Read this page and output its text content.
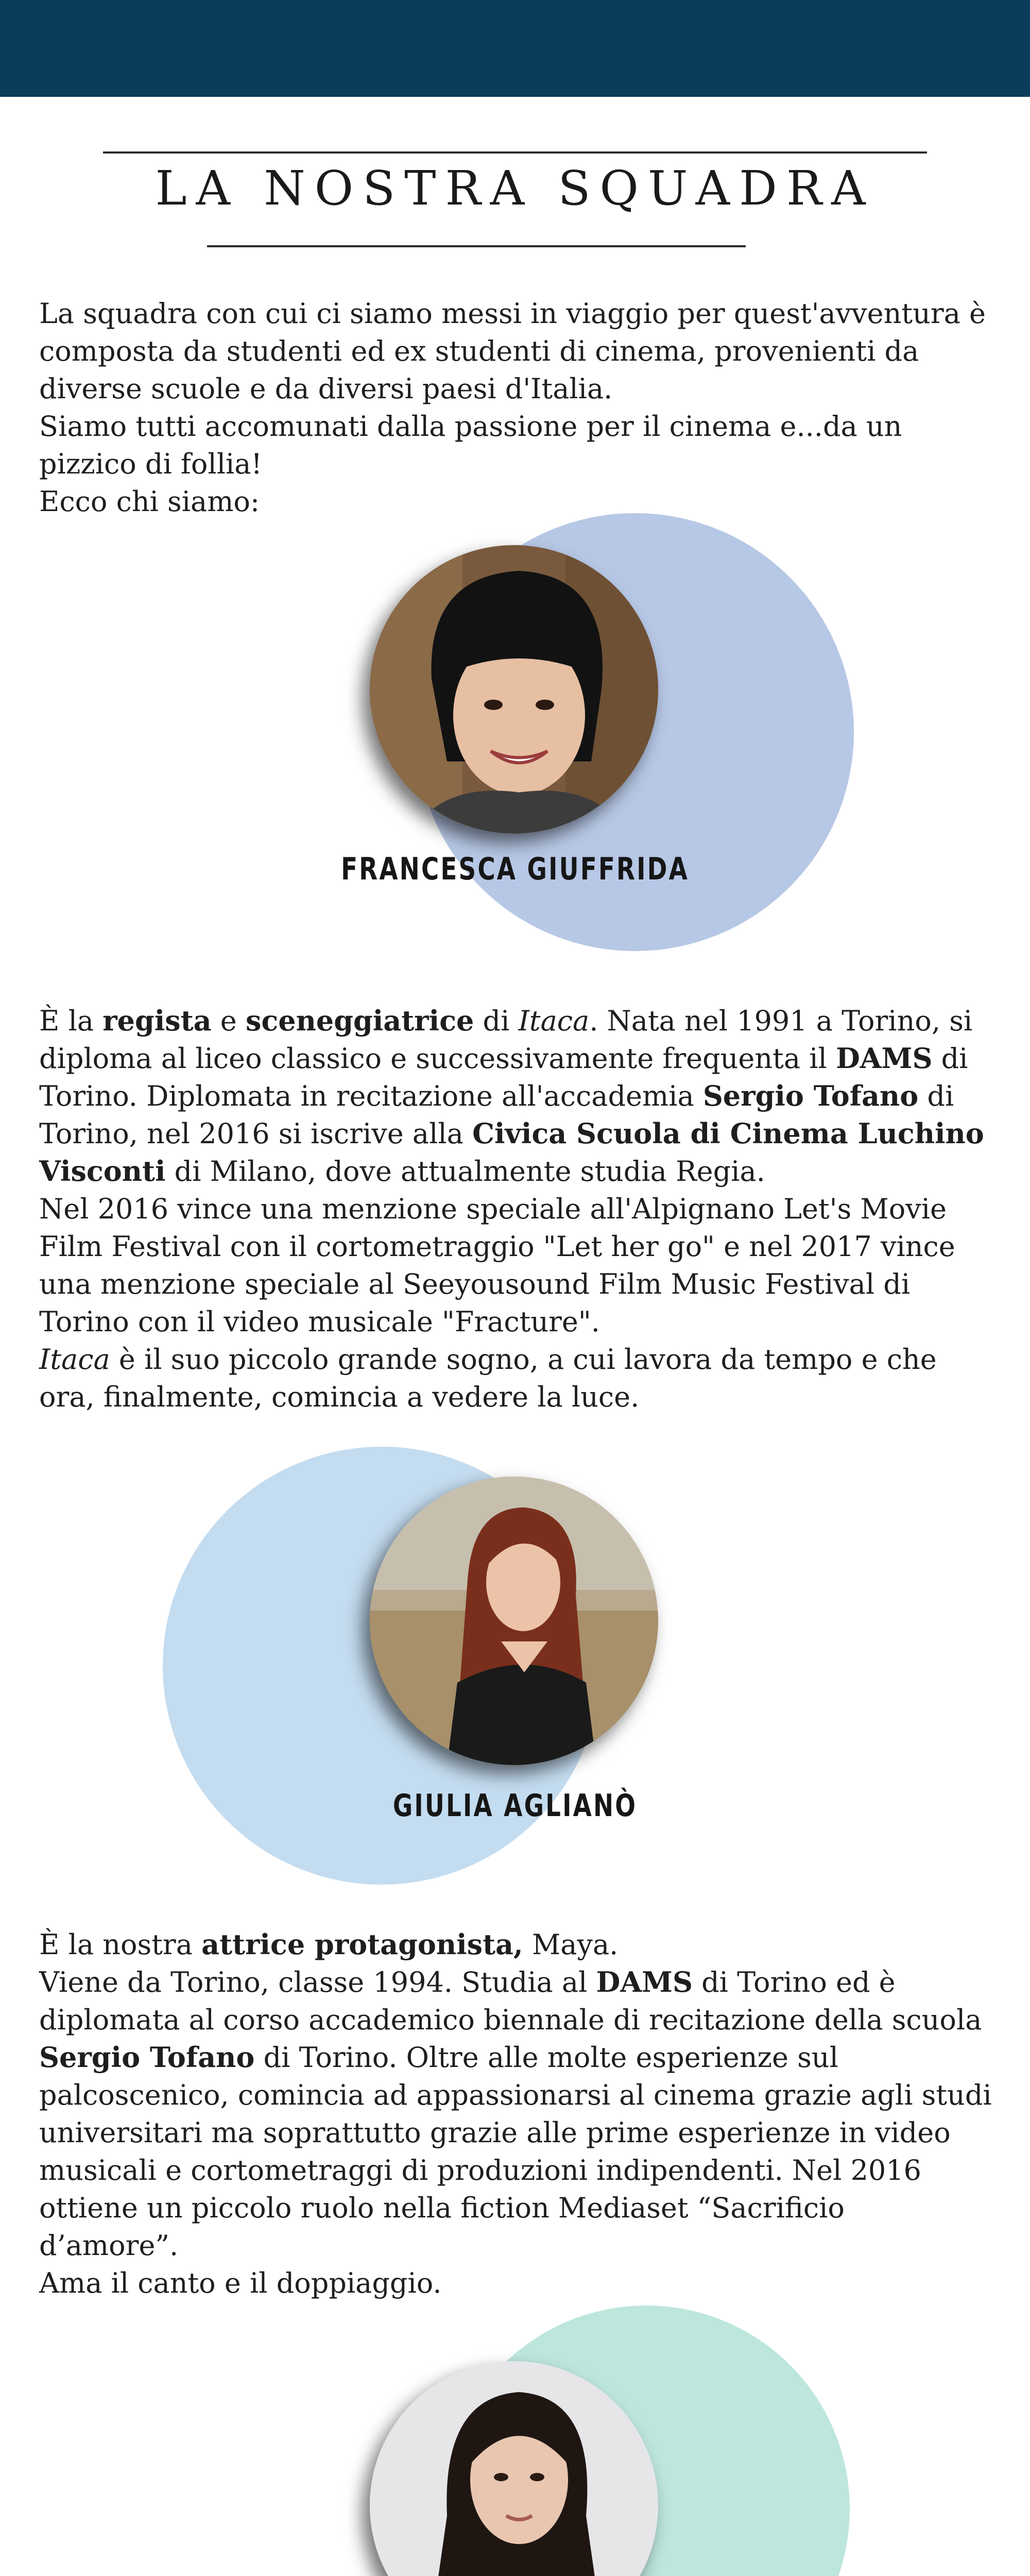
LA NOSTRA SQUADRA

La squadra con cui ci siamo messi in viaggio per quest'avventura è composta da studenti ed ex studenti di cinema, provenienti da diverse scuole e da diversi paesi d'Italia.

Siamo tutti accomunati dalla passione per il cinema e...da un pizzico di follia!

Ecco chi siamo:

FRANCESCA GIUFFRIDA

È la regista e sceneggiatrice di Itaca. Nata nel 1991 a Torino, si diploma al liceo classico e successivamente frequenta il DAMS di Torino. Diplomata in recitazione all'accademia Sergio Tofano di Torino, nel 2016 si iscrive alla Civica Scuola di Cinema Luchino Visconti di Milano, dove attualmente studia Regia.

Nel 2016 vince una menzione speciale all'Alpignano Let's Movie Film Festival con il cortometraggio "Let her go" e nel 2017 vince una menzione speciale al Seeyousound Film Music Festival di Torino con il video musicale "Fracture".

Itaca è il suo piccolo grande sogno, a cui lavora da tempo e che ora, finalmente, comincia a vedere la luce.

GIULIA AGLIANÒ

È la nostra attrice protagonista, Maya.

Viene da Torino, classe 1994. Studia al DAMS di Torino ed è diplomata al corso accademico biennale di recitazione della scuola Sergio Tofano di Torino. Oltre alle molte esperienze sul palcoscenico, comincia ad appassionarsi al cinema grazie agli studi universitari ma soprattutto grazie alle prime esperienze in video musicali e cortometraggi di produzioni indipendenti. Nel 2016 ottiene un piccolo ruolo nella fiction Mediaset “Sacrificio d’amore”.

Ama il canto e il doppiaggio.
